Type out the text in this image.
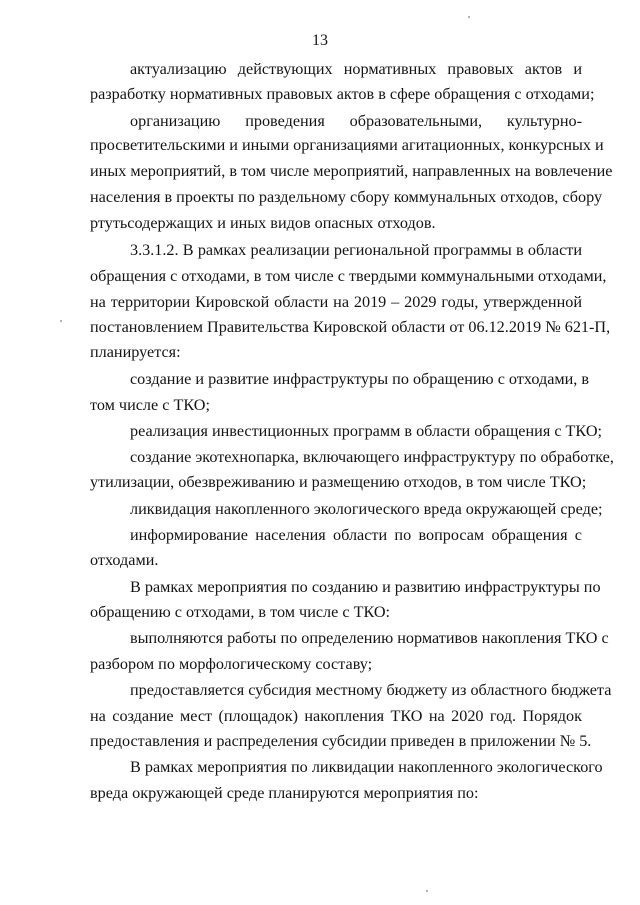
13
актуализацию действующих нормативных правовых актов и
разработку нормативных правовых актов в сфере обращения с отходами;
организацию проведения образовательными, культурно-
просветительскими и иными организациями агитационных, конкурсных и
иных мероприятий, в том числе мероприятий, направленных на вовлечение
населения в проекты по раздельному сбору коммунальных отходов, сбору
ртутьсодержащих и иных видов опасных отходов.
3.3.1.2. В рамках реализации региональной программы в области
обращения с отходами, в том числе с твердыми коммунальными отходами,
на территории Кировской области на 2019 – 2029 годы, утвержденной
постановлением Правительства Кировской области от 06.12.2019 № 621-П,
планируется:
создание и развитие инфраструктуры по обращению с отходами, в
том числе с ТКО;
реализация инвестиционных программ в области обращения с ТКО;
создание экотехнопарка, включающего инфраструктуру по обработке,
утилизации, обезвреживанию и размещению отходов, в том числе ТКО;
ликвидация накопленного экологического вреда окружающей среде;
информирование населения области по вопросам обращения с
отходами.
В рамках мероприятия по созданию и развитию инфраструктуры по
обращению с отходами, в том числе с ТКО:
выполняются работы по определению нормативов накопления ТКО с
разбором по морфологическому составу;
предоставляется субсидия местному бюджету из областного бюджета
на создание мест (площадок) накопления ТКО на 2020 год. Порядок
предоставления и распределения субсидии приведен в приложении № 5.
В рамках мероприятия по ликвидации накопленного экологического
вреда окружающей среде планируются мероприятия по:
